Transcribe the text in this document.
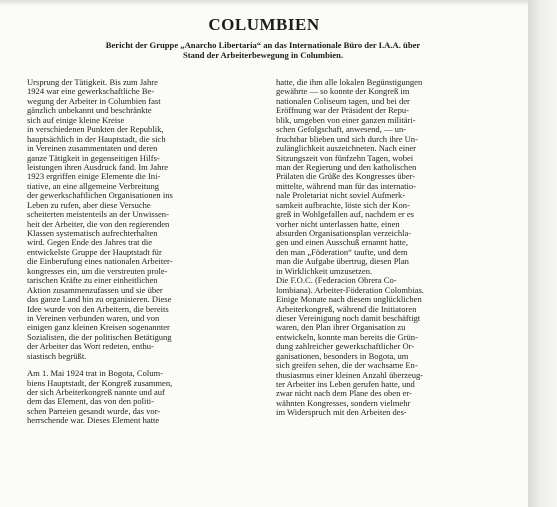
COLUMBIEN
Bericht der Gruppe „Anarcho Libertaria“ an das Internationale Büro der I.A.A. über
Stand der Arbeiterbewegung in Columbien.
Ursprung der Tätigkeit. Bis zum Jahre
1924 war eine gewerkschaftliche Be-
wegung der Arbeiter in Columbien fast
gänzlich unbekannt und beschränkte
sich auf einige kleine Kreise
in verschiedenen Punkten der Republik,
hauptsächlich in der Hauptstadt, die sich
in Vereinen zusammentaten und deren
ganze Tätigkeit in gegenseitigen Hilfs-
leistungen ihren Ausdruck fand. Im Jahre
1923 ergriffen einige Elemente die Ini-
tiative, an eine allgemeine Verbreitung
der gewerkschaftlichen Organisationen ins
Leben zu rufen, aber diese Versuche
scheiterten meistenteils an der Unwissen-
heit der Arbeiter, die von den regierenden
Klassen systematisch aufrechterhalten
wird. Gegen Ende des Jahres trat die
entwickelste Gruppe der Hauptstadt für
die Einberufung eines nationalen Arbeiter-
kongresses ein, um die verstreuten prole-
tarischen Kräfte zu einer einheitlichen
Aktion zusammenzufassen und sie über
das ganze Land hin zu organisieren. Diese
Idee wurde von den Arbeitern, die bereits
in Vereinen verbunden waren, und von
einigen ganz kleinen Kreisen sogenannter
Sozialisten, die der politischen Betätigung
der Arbeiter das Wort redeten, enthu-
siastisch begrüßt.
Am 1. Mai 1924 trat in Bogota, Colum-
biens Hauptstadt, der Kongreß zusammen,
der sich Arbeiterkongreß nannte und auf
dem das Element, das von den politi-
schen Parteien gesandt wurde, das vor-
herrschende war. Dieses Element hatte
hatte, die ihm alle lokalen Begünstigungen
gewährte — so konnte der Kongreß im
nationalen Coliseum tagen, und bei der
Eröffnung war der Präsident der Repu-
blik, umgeben von einer ganzen militäri-
schen Gefolgschaft, anwesend, — un-
fruchtbar blieben und sich durch ihre Un-
zulänglichkeit auszeichneten. Nach einer
Sitzungszeit von fünfzehn Tagen, wobei
man der Regierung und den katholischen
Prälaten die Grüße des Kongresses über-
mittelte, während man für das internatio-
nale Proletariat nicht soviel Aufmerk-
samkeit aufbrachte, löste sich der Kon-
greß in Wohlgefallen auf, nachdem er es
vorher nicht unterlassen hatte, einen
absurden Organisationsplan verzeichla-
gen und einen Ausschuß ernannt hatte,
den man „Föderation“ taufte, und dem
man die Aufgabe übertrug, diesen Plan
in Wirklichkeit umzusetzen.
Die F.O.C. (Federacion Obrera Co-
lombiana). Arbeiter-Föderation Colombias.
Einige Monate nach diesem unglücklichen
Arbeiterkongreß, während die Initiatoren
dieser Vereinigung noch damit beschäftigt
waren, den Plan ihrer Organisation zu
entwickeln, konnte man bereits die Grün-
dung zahlreicher gewerkschaftlicher Or-
ganisationen, besonders in Bogota, um
sich greifen sehen, die der wachsame En-
thusiasmus einer kleinen Anzahl überzeug-
ter Arbeiter ins Leben gerufen hatte, und
zwar nicht nach dem Plane des oben er-
wähnten Kongresses, sondern vielmehr
im Widerspruch mit den Arbeiten des-
